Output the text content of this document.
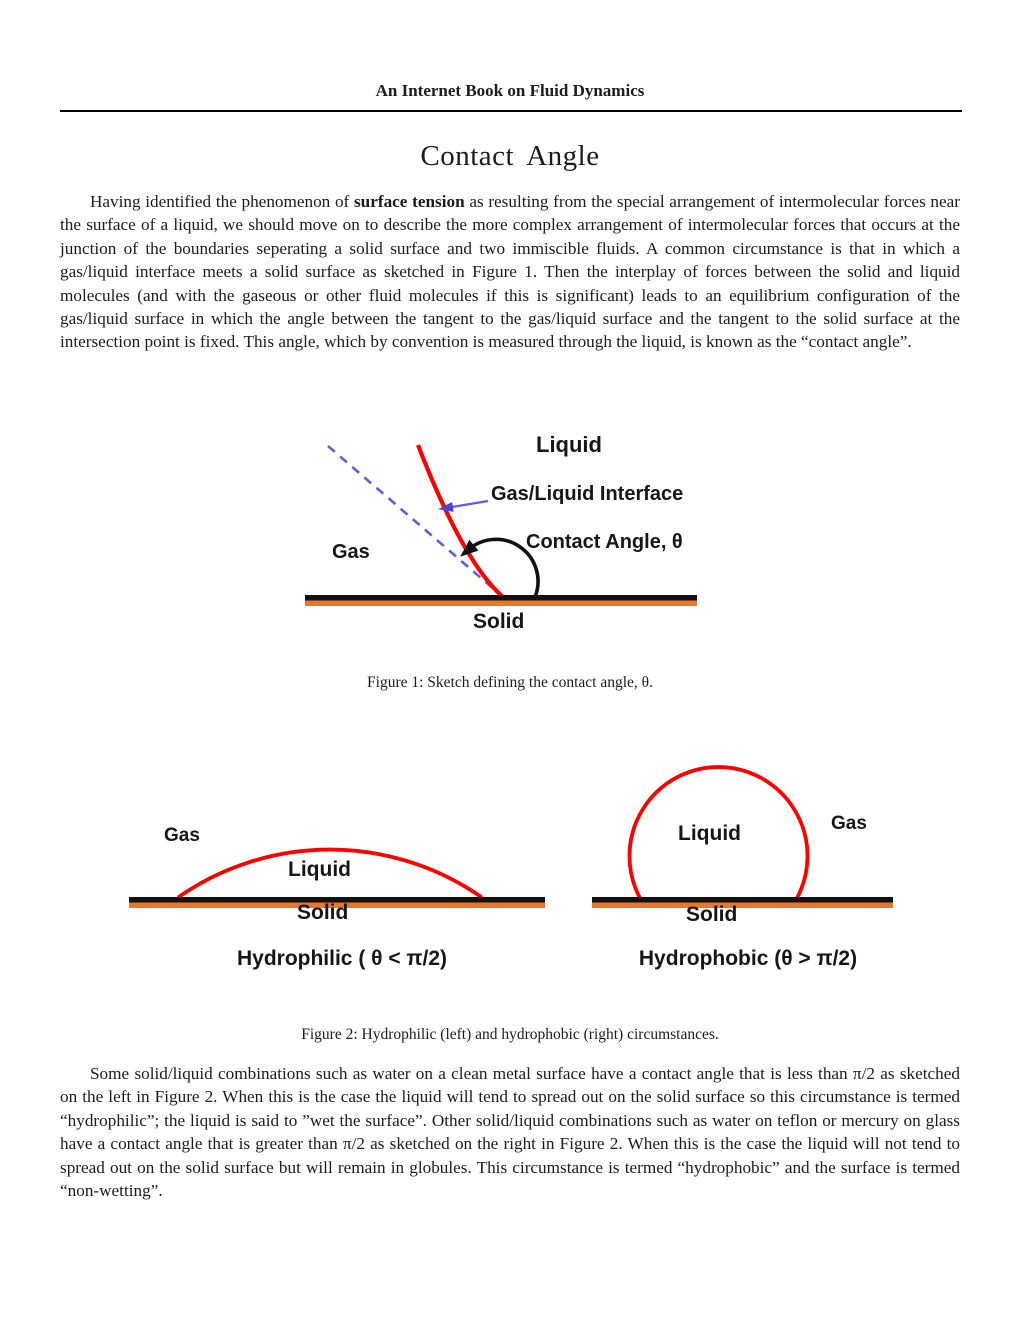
An Internet Book on Fluid Dynamics
Contact Angle
Having identified the phenomenon of surface tension as resulting from the special arrangement of intermolecular forces near the surface of a liquid, we should move on to describe the more complex arrangement of intermolecular forces that occurs at the junction of the boundaries seperating a solid surface and two immiscible fluids. A common circumstance is that in which a gas/liquid interface meets a solid surface as sketched in Figure 1. Then the interplay of forces between the solid and liquid molecules (and with the gaseous or other fluid molecules if this is significant) leads to an equilibrium configuration of the gas/liquid surface in which the angle between the tangent to the gas/liquid surface and the tangent to the solid surface at the intersection point is fixed. This angle, which by convention is measured through the liquid, is known as the “contact angle”.
Liquid
Gas/Liquid Interface
Gas	Contact Angle, θ
Solid
Figure 1: Sketch defining the contact angle, θ.
Gas
Liquid
Solid
Hydrophilic ( θ < π/2)
Liquid	Gas
Solid
Hydrophobic (θ > π/2)
Figure 2: Hydrophilic (left) and hydrophobic (right) circumstances.
Some solid/liquid combinations such as water on a clean metal surface have a contact angle that is less than π/2 as sketched on the left in Figure 2. When this is the case the liquid will tend to spread out on the solid surface so this circumstance is termed “hydrophilic”; the liquid is said to ”wet the surface”. Other solid/liquid combinations such as water on teflon or mercury on glass have a contact angle that is greater than π/2 as sketched on the right in Figure 2. When this is the case the liquid will not tend to spread out on the solid surface but will remain in globules. This circumstance is termed “hydrophobic” and the surface is termed “non-wetting”.
